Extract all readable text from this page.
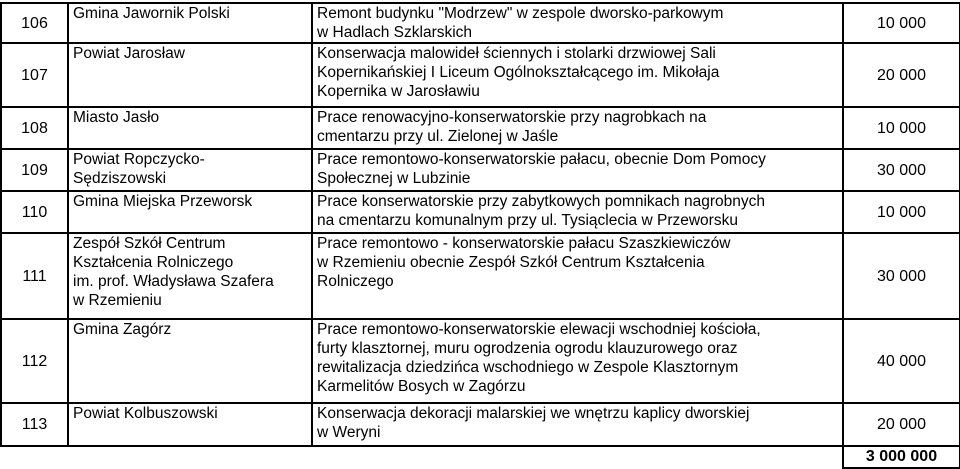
106	Gmina Jawornik Polski	Remont budynku "Modrzew" w zespole dworsko-parkowym
w Hadlach Szklarskich	10 000
107	Powiat Jarosław	Konserwacja malowideł ściennych i stolarki drzwiowej Sali
Kopernikańskiej I Liceum Ogólnokształcącego im. Mikołaja
Kopernika w Jarosławiu	20 000
108	Miasto Jasło	Prace renowacyjno-konserwatorskie przy nagrobkach na
cmentarzu przy ul. Zielonej w Jaśle	10 000
109	Powiat Ropczycko-
Sędziszowski	Prace remontowo-konserwatorskie pałacu, obecnie Dom Pomocy
Społecznej w Lubzinie	30 000
110	Gmina Miejska Przeworsk	Prace konserwatorskie przy zabytkowych pomnikach nagrobnych
na cmentarzu komunalnym przy ul. Tysiąclecia w Przeworsku	10 000
111	Zespół Szkół Centrum
Kształcenia Rolniczego
im. prof. Władysława Szafera
w Rzemieniu	Prace remontowo - konserwatorskie pałacu Szaszkiewiczów
w Rzemieniu obecnie Zespół Szkół Centrum Kształcenia
Rolniczego	30 000
112	Gmina Zagórz	Prace remontowo-konserwatorskie elewacji wschodniej kościoła,
furty klasztornej, muru ogrodzenia ogrodu klauzurowego oraz
rewitalizacja dziedzińca wschodniego w Zespole Klasztornym
Karmelitów Bosych w Zagórzu	40 000
113	Powiat Kolbuszowski	Konserwacja dekoracji malarskiej we wnętrzu kaplicy dworskiej
w Weryni	20 000
			3 000 000
